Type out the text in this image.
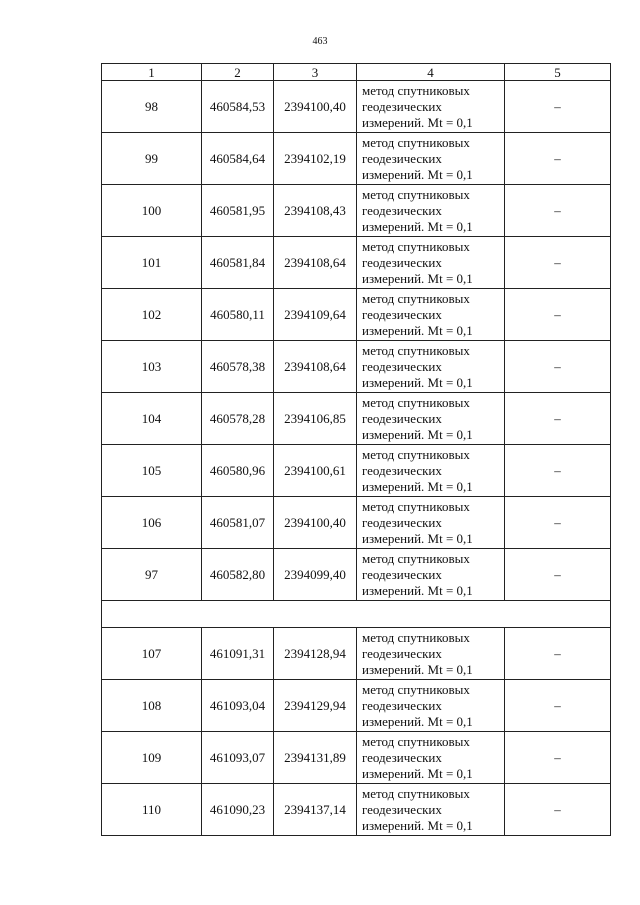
463
1	2	3	4	5
98	460584,53	2394100,40	метод спутниковых
геодезических
измерений. Mt = 0,1	–
99	460584,64	2394102,19	метод спутниковых
геодезических
измерений. Mt = 0,1	–
100	460581,95	2394108,43	метод спутниковых
геодезических
измерений. Mt = 0,1	–
101	460581,84	2394108,64	метод спутниковых
геодезических
измерений. Mt = 0,1	–
102	460580,11	2394109,64	метод спутниковых
геодезических
измерений. Mt = 0,1	–
103	460578,38	2394108,64	метод спутниковых
геодезических
измерений. Mt = 0,1	–
104	460578,28	2394106,85	метод спутниковых
геодезических
измерений. Mt = 0,1	–
105	460580,96	2394100,61	метод спутниковых
геодезических
измерений. Mt = 0,1	–
106	460581,07	2394100,40	метод спутниковых
геодезических
измерений. Mt = 0,1	–
97	460582,80	2394099,40	метод спутниковых
геодезических
измерений. Mt = 0,1	–

107	461091,31	2394128,94	метод спутниковых
геодезических
измерений. Mt = 0,1	–
108	461093,04	2394129,94	метод спутниковых
геодезических
измерений. Mt = 0,1	–
109	461093,07	2394131,89	метод спутниковых
геодезических
измерений. Mt = 0,1	–
110	461090,23	2394137,14	метод спутниковых
геодезических
измерений. Mt = 0,1	–
